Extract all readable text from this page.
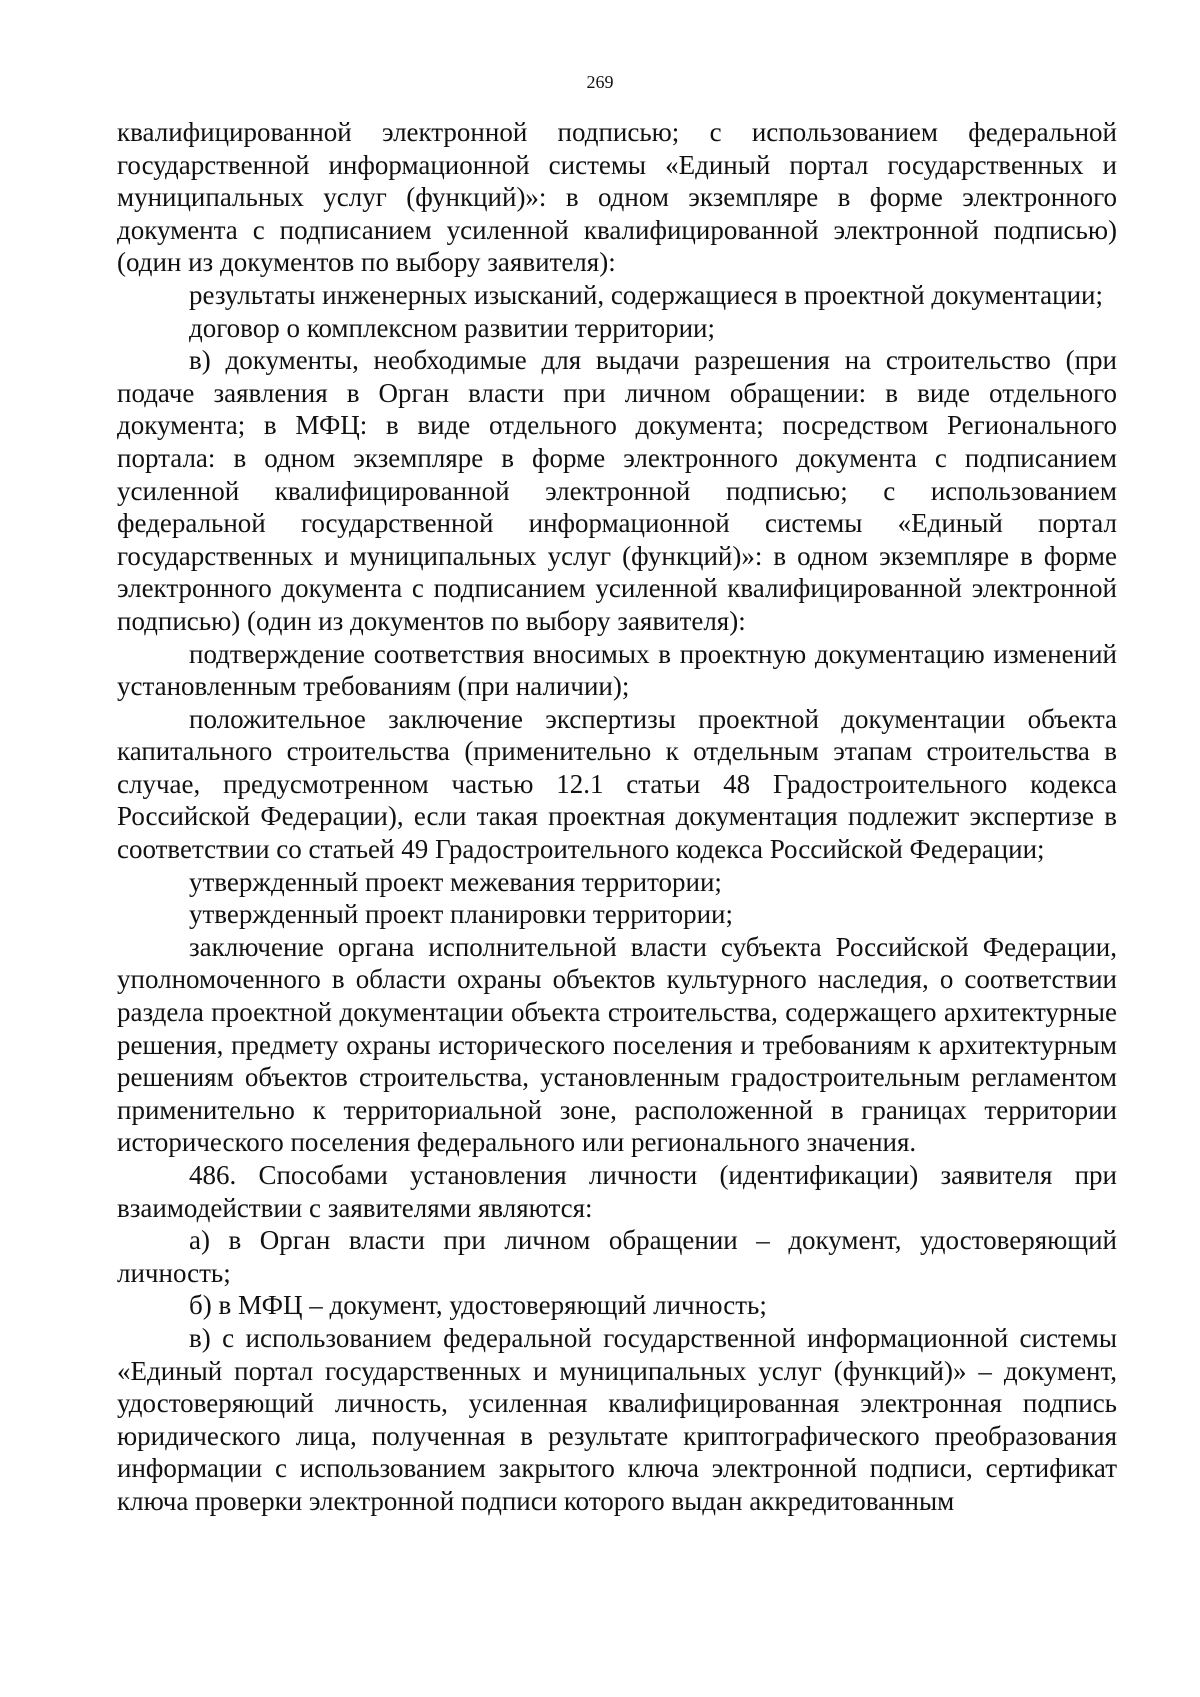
269

квалифицированной электронной подписью; с использованием федеральной государственной информационной системы «Единый портал государственных и муниципальных услуг (функций)»: в одном экземпляре в форме электронного документа с подписанием усиленной квалифицированной электронной подписью) (один из документов по выбору заявителя):

результаты инженерных изысканий, содержащиеся в проектной документации;

договор о комплексном развитии территории;

в) документы, необходимые для выдачи разрешения на строительство (при подаче заявления в Орган власти при личном обращении: в виде отдельного документа; в МФЦ: в виде отдельного документа; посредством Регионального портала: в одном экземпляре в форме электронного документа с подписанием усиленной квалифицированной электронной подписью; с использованием федеральной государственной информационной системы «Единый портал государственных и муниципальных услуг (функций)»: в одном экземпляре в форме электронного документа с подписанием усиленной квалифицированной электронной подписью) (один из документов по выбору заявителя):

подтверждение соответствия вносимых в проектную документацию изменений установленным требованиям (при наличии);

положительное заключение экспертизы проектной документации объекта капитального строительства (применительно к отдельным этапам строительства в случае, предусмотренном частью 12.1 статьи 48 Градостроительного кодекса Российской Федерации), если такая проектная документация подлежит экспертизе в соответствии со статьей 49 Градостроительного кодекса Российской Федерации;

утвержденный проект межевания территории;

утвержденный проект планировки территории;

заключение органа исполнительной власти субъекта Российской Федерации, уполномоченного в области охраны объектов культурного наследия, о соответствии раздела проектной документации объекта строительства, содержащего архитектурные решения, предмету охраны исторического поселения и требованиям к архитектурным решениям объектов строительства, установленным градостроительным регламентом применительно к территориальной зоне, расположенной в границах территории исторического поселения федерального или регионального значения.

486. Способами установления личности (идентификации) заявителя при взаимодействии с заявителями являются:

а) в Орган власти при личном обращении – документ, удостоверяющий личность;

б) в МФЦ – документ, удостоверяющий личность;

в) с использованием федеральной государственной информационной системы «Единый портал государственных и муниципальных услуг (функций)» – документ, удостоверяющий личность, усиленная квалифицированная электронная подпись юридического лица, полученная в результате криптографического преобразования информации с использованием закрытого ключа электронной подписи, сертификат ключа проверки электронной подписи которого выдан аккредитованным
